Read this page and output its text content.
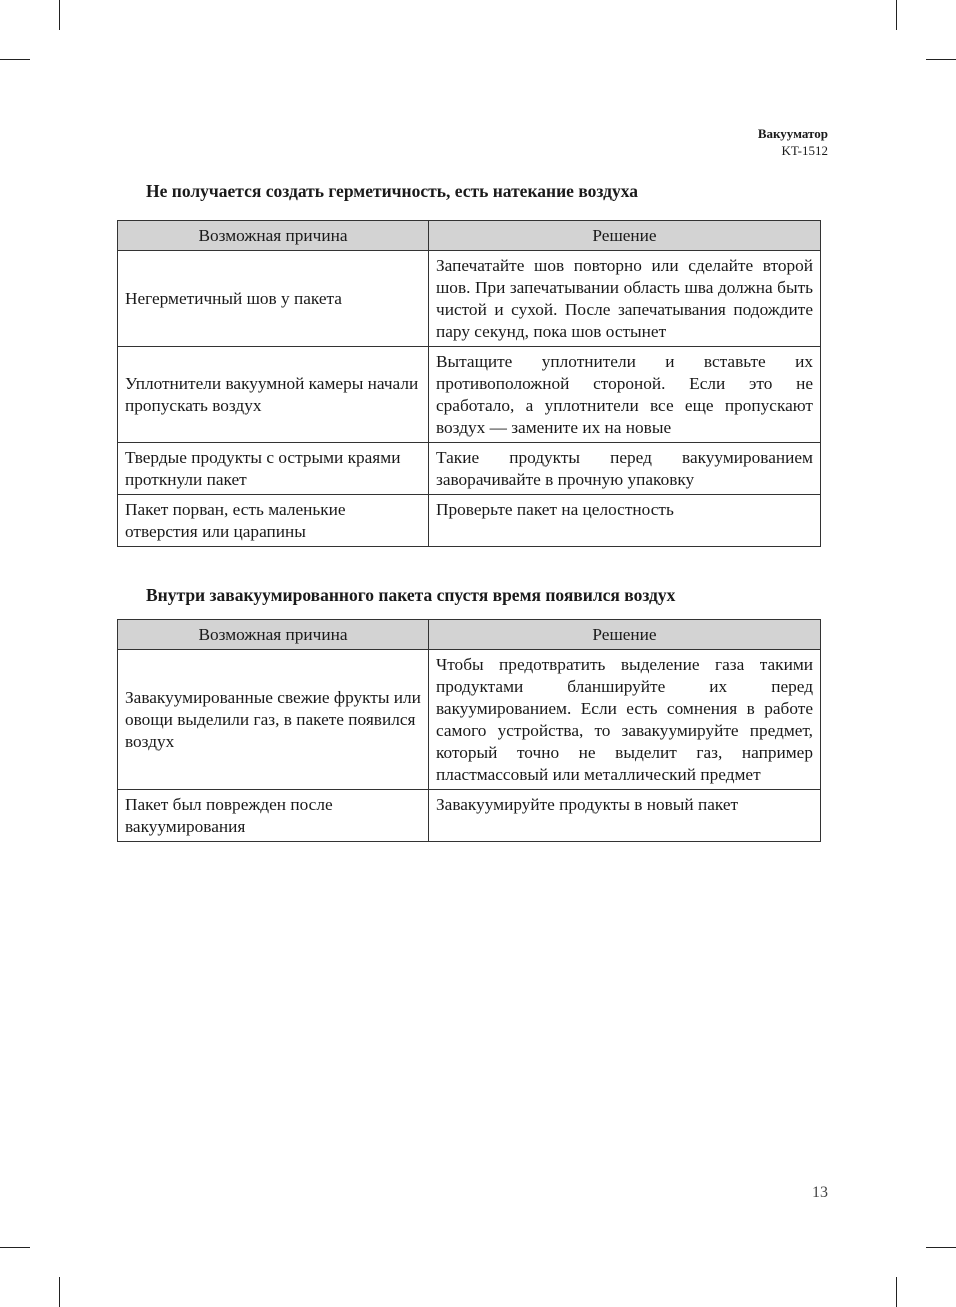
Вакууматор
KT-1512
Не получается создать герметичность, есть натекание воздуха
Возможная причина	Решение
Негерметичный шов у пакета	Запечатайте шов повторно или сделайте второй шов. При запечатывании область шва должна быть чистой и сухой. После запечатывания подождите пару секунд, пока шов остынет
Уплотнители вакуумной камеры начали пропускать воздух	Вытащите уплотнители и вставьте их противоположной стороной. Если это не сработало, а уплотнители все еще пропускают воздух — замените их на новые
Твердые продукты с острыми краями проткнули пакет	Такие продукты перед вакуумированием заворачивайте в прочную упаковку
Пакет порван, есть маленькие отверстия или царапины	Проверьте пакет на целостность
Внутри завакуумированного пакета спустя время появился воздух
Возможная причина	Решение
Завакуумированные свежие фрукты или овощи выделили газ, в пакете появился воздух	Чтобы предотвратить выделение газа такими продуктами бланшируйте их перед вакуумированием. Если есть сомнения в работе самого устройства, то завакуумируйте предмет, который точно не выделит газ, например пластмассовый или металлический предмет
Пакет был поврежден после вакуумирования	Завакуумируйте продукты в новый пакет
13
